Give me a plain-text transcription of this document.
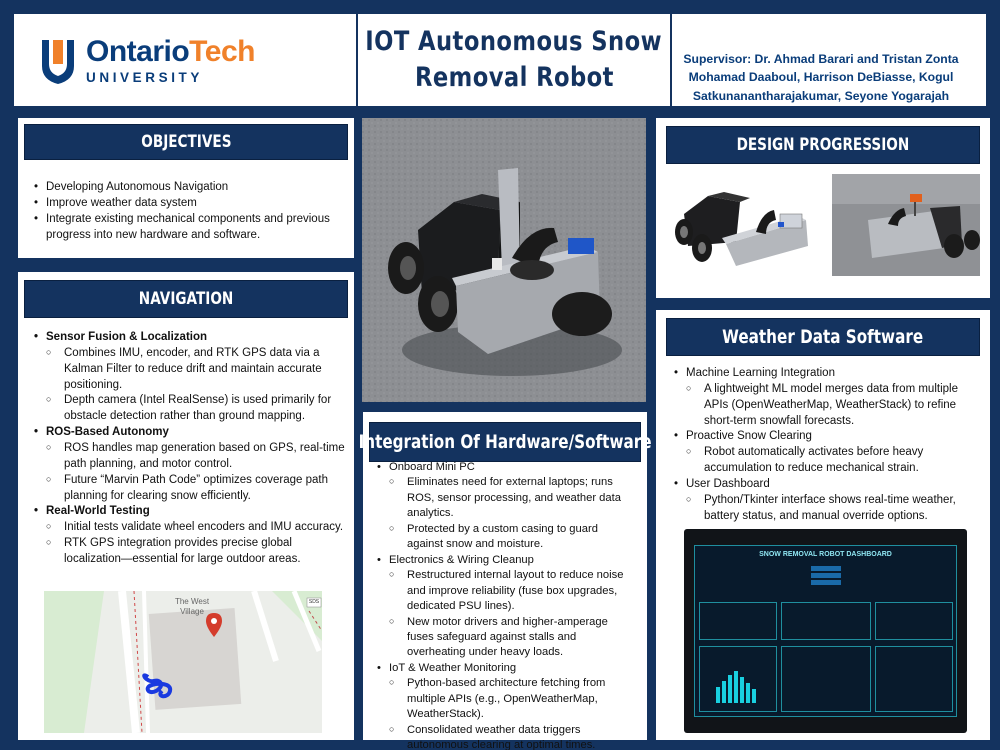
OntarioTech
UNIVERSITY
IOT Autonomous Snow
Removal Robot
Supervisor: Dr. Ahmad Barari and Tristan Zonta
Mohamad Daaboul, Harrison DeBiasse, Kogul
Satkunanantharajakumar, Seyone Yogarajah
OBJECTIVES
• Developing Autonomous Navigation
• Improve weather data system
• Integrate existing mechanical components and previous progress into new hardware and software.
NAVIGATION
• Sensor Fusion & Localization
○ Combines IMU, encoder, and RTK GPS data via a Kalman Filter to reduce drift and maintain accurate positioning.
○ Depth camera (Intel RealSense) is used primarily for obstacle detection rather than ground mapping.
• ROS-Based Autonomy
○ ROS handles map generation based on GPS, real-time path planning, and motor control.
○ Future “Marvin Path Code” optimizes coverage path planning for clearing snow efficiently.
• Real-World Testing
○ Initial tests validate wheel encoders and IMU accuracy.
○ RTK GPS integration provides precise global localization—essential for large outdoor areas.
The West
Village
SDS
Integration Of Hardware/Software
• Onboard Mini PC
○ Eliminates need for external laptops; runs ROS, sensor processing, and weather data analytics.
○ Protected by a custom casing to guard against snow and moisture.
• Electronics & Wiring Cleanup
○ Restructured internal layout to reduce noise and improve reliability (fuse box upgrades, dedicated PSU lines).
○ New motor drivers and higher-amperage fuses safeguard against stalls and overheating under heavy loads.
• IoT & Weather Monitoring
○ Python-based architecture fetching from multiple APIs (e.g., OpenWeatherMap, WeatherStack).
○ Consolidated weather data triggers autonomous clearing at optimal times.
DESIGN PROGRESSION
Weather Data Software
• Machine Learning Integration
○ A lightweight ML model merges data from multiple APIs (OpenWeatherMap, WeatherStack) to refine short-term snowfall forecasts.
• Proactive Snow Clearing
○ Robot automatically activates before heavy accumulation to reduce mechanical strain.
• User Dashboard
○ Python/Tkinter interface shows real-time weather, battery status, and manual override options.
SNOW REMOVAL ROBOT DASHBOARD
